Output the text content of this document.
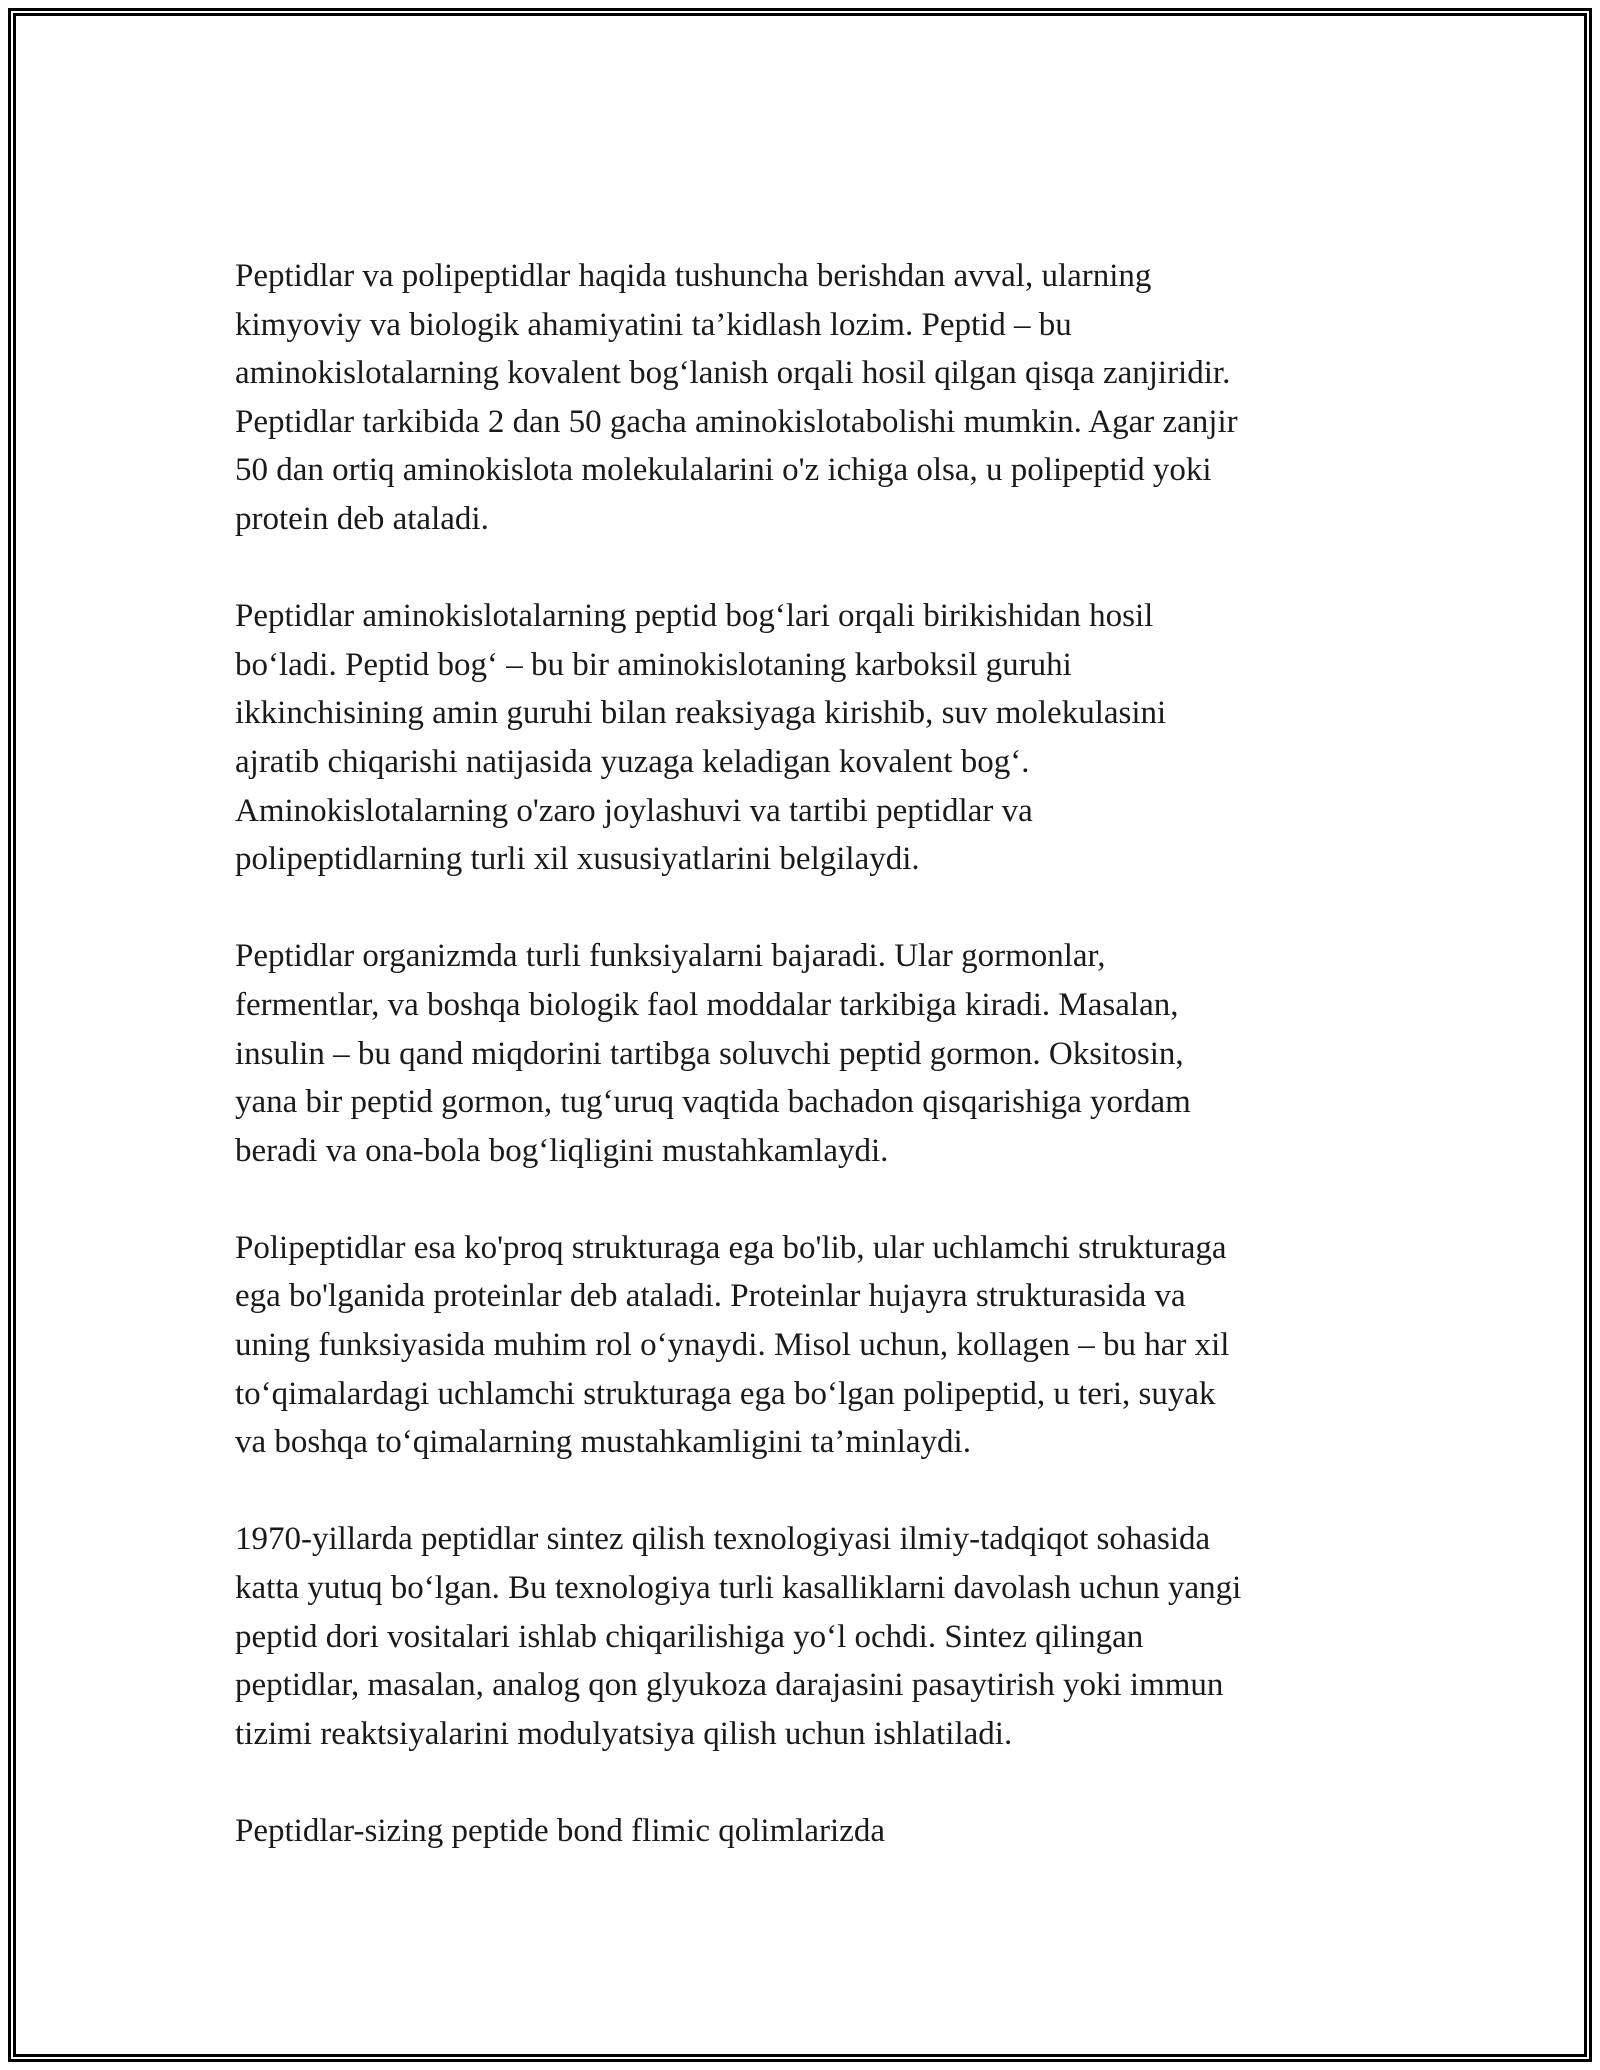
Peptidlar va polipeptidlar haqida tushuncha berishdan avval, ularning
kimyoviy va biologik ahamiyatini ta’kidlash lozim. Peptid – bu
aminokislotalarning kovalent bog‘lanish orqali hosil qilgan qisqa zanjiridir.
Peptidlar tarkibida 2 dan 50 gacha aminokislotabolishi mumkin. Agar zanjir
50 dan ortiq aminokislota molekulalarini o'z ichiga olsa, u polipeptid yoki
protein deb ataladi.

Peptidlar aminokislotalarning peptid bog‘lari orqali birikishidan hosil
bo‘ladi. Peptid bog‘ – bu bir aminokislotaning karboksil guruhi
ikkinchisining amin guruhi bilan reaksiyaga kirishib, suv molekulasini
ajratib chiqarishi natijasida yuzaga keladigan kovalent bog‘.
Aminokislotalarning o'zaro joylashuvi va tartibi peptidlar va
polipeptidlarning turli xil xususiyatlarini belgilaydi.

Peptidlar organizmda turli funksiyalarni bajaradi. Ular gormonlar,
fermentlar, va boshqa biologik faol moddalar tarkibiga kiradi. Masalan,
insulin – bu qand miqdorini tartibga soluvchi peptid gormon. Oksitosin,
yana bir peptid gormon, tug‘uruq vaqtida bachadon qisqarishiga yordam
beradi va ona-bola bog‘liqligini mustahkamlaydi.

Polipeptidlar esa ko'proq strukturaga ega bo'lib, ular uchlamchi strukturaga
ega bo'lganida proteinlar deb ataladi. Proteinlar hujayra strukturasida va
uning funksiyasida muhim rol o‘ynaydi. Misol uchun, kollagen – bu har xil
to‘qimalardagi uchlamchi strukturaga ega bo‘lgan polipeptid, u teri, suyak
va boshqa to‘qimalarning mustahkamligini ta’minlaydi.

1970-yillarda peptidlar sintez qilish texnologiyasi ilmiy-tadqiqot sohasida
katta yutuq bo‘lgan. Bu texnologiya turli kasalliklarni davolash uchun yangi
peptid dori vositalari ishlab chiqarilishiga yo‘l ochdi. Sintez qilingan
peptidlar, masalan, analog qon glyukoza darajasini pasaytirish yoki immun
tizimi reaktsiyalarini modulyatsiya qilish uchun ishlatiladi.

Peptidlar-sizing peptide bond flimic qolimlarizda
